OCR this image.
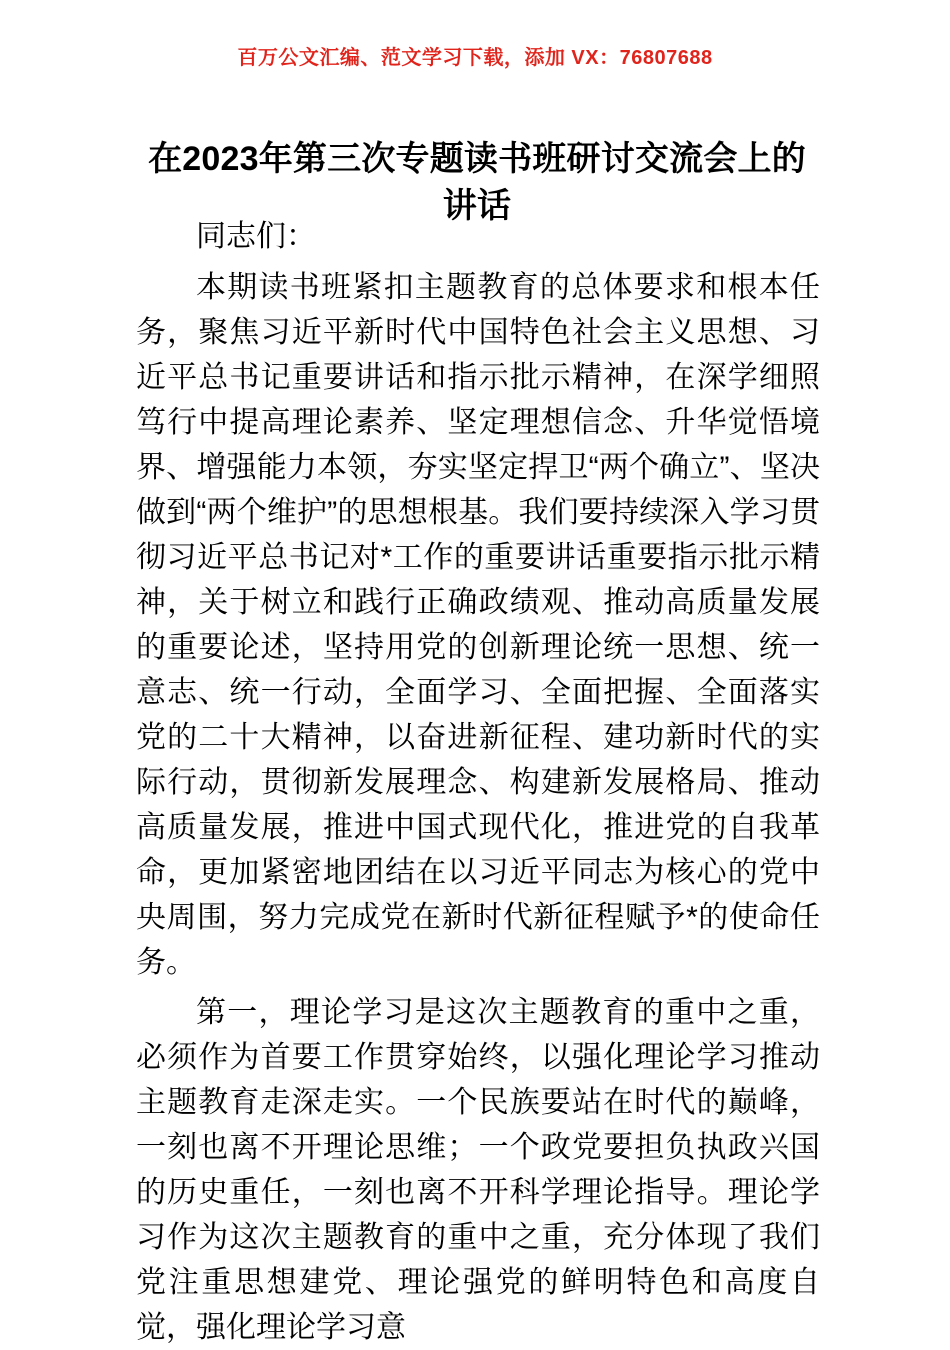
百万公文汇编、范文学习下载，添加 VX：76807688
在2023年第三次专题读书班研讨交流会上的讲话

同志们：

本期读书班紧扣主题教育的总体要求和根本任务，聚焦习近平新时代中国特色社会主义思想、习近平总书记重要讲话和指示批示精神，在深学细照笃行中提高理论素养、坚定理想信念、升华觉悟境界、增强能力本领，夯实坚定捍卫“两个确立”、坚决做到“两个维护”的思想根基。我们要持续深入学习贯彻习近平总书记对*工作的重要讲话重要指示批示精神，关于树立和践行正确政绩观、推动高质量发展的重要论述，坚持用党的创新理论统一思想、统一意志、统一行动，全面学习、全面把握、全面落实党的二十大精神，以奋进新征程、建功新时代的实际行动，贯彻新发展理念、构建新发展格局、推动高质量发展，推进中国式现代化，推进党的自我革命，更加紧密地团结在以习近平同志为核心的党中央周围，努力完成党在新时代新征程赋予*的使命任务。

第一，理论学习是这次主题教育的重中之重，必须作为首要工作贯穿始终，以强化理论学习推动主题教育走深走实。一个民族要站在时代的巅峰，一刻也离不开理论思维；一个政党要担负执政兴国的历史重任，一刻也离不开科学理论指导。理论学习作为这次主题教育的重中之重，充分体现了我们党注重思想建党、理论强党的鲜明特色和高度自觉，强化理论学习意
